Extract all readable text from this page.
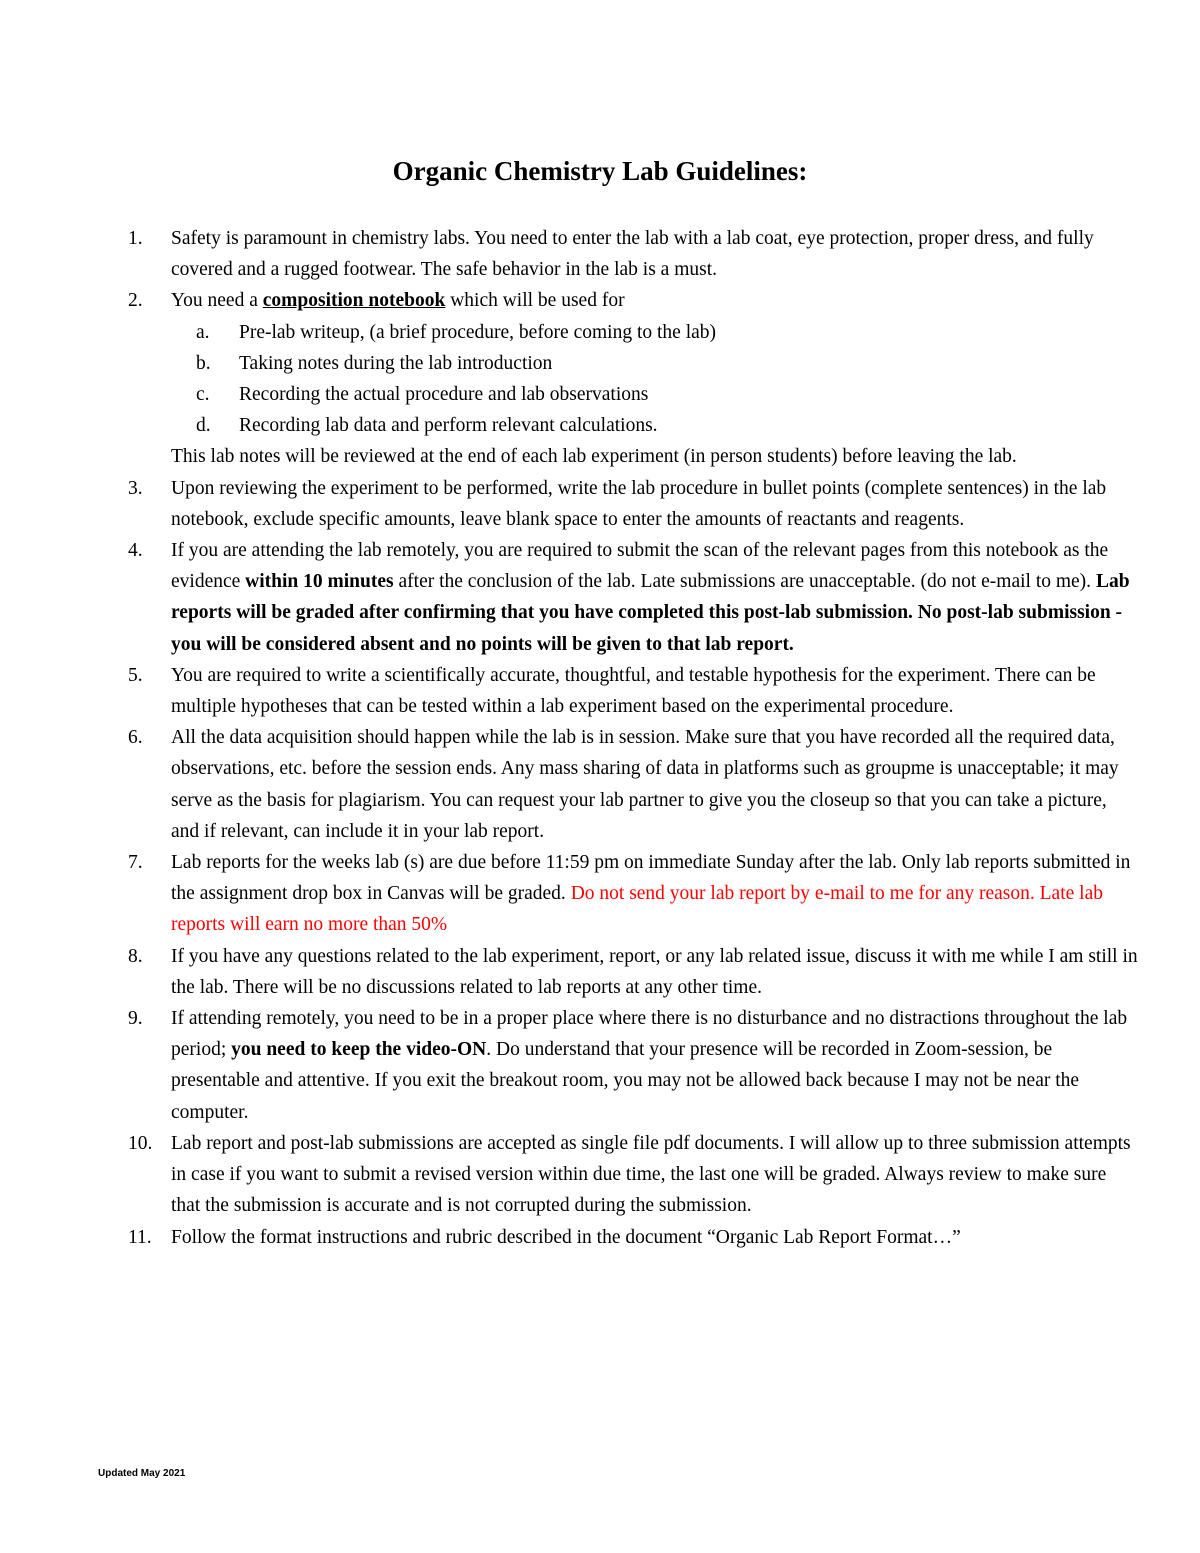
Organic Chemistry Lab Guidelines:
1.	Safety is paramount in chemistry labs. You need to enter the lab with a lab coat, eye protection, proper dress, and fully covered and a rugged footwear. The safe behavior in the lab is a must.
2.	You need a composition notebook which will be used for
a.	Pre-lab writeup, (a brief procedure, before coming to the lab)
b.	Taking notes during the lab introduction
c.	Recording the actual procedure and lab observations
d.	Recording lab data and perform relevant calculations.
This lab notes will be reviewed at the end of each lab experiment (in person students) before leaving the lab.
3.	Upon reviewing the experiment to be performed, write the lab procedure in bullet points (complete sentences) in the lab notebook, exclude specific amounts, leave blank space to enter the amounts of reactants and reagents.
4.	If you are attending the lab remotely, you are required to submit the scan of the relevant pages from this notebook as the evidence within 10 minutes after the conclusion of the lab. Late submissions are unacceptable. (do not e-mail to me). Lab reports will be graded after confirming that you have completed this post-lab submission. No post-lab submission - you will be considered absent and no points will be given to that lab report.
5.	You are required to write a scientifically accurate, thoughtful, and testable hypothesis for the experiment. There can be multiple hypotheses that can be tested within a lab experiment based on the experimental procedure.
6.	All the data acquisition should happen while the lab is in session. Make sure that you have recorded all the required data, observations, etc. before the session ends. Any mass sharing of data in platforms such as groupme is unacceptable; it may serve as the basis for plagiarism. You can request your lab partner to give you the closeup so that you can take a picture, and if relevant, can include it in your lab report.
7.	Lab reports for the weeks lab (s) are due before 11:59 pm on immediate Sunday after the lab. Only lab reports submitted in the assignment drop box in Canvas will be graded. Do not send your lab report by e-mail to me for any reason. Late lab reports will earn no more than 50%
8.	If you have any questions related to the lab experiment, report, or any lab related issue, discuss it with me while I am still in the lab. There will be no discussions related to lab reports at any other time.
9.	If attending remotely, you need to be in a proper place where there is no disturbance and no distractions throughout the lab period; you need to keep the video-ON. Do understand that your presence will be recorded in Zoom-session, be presentable and attentive. If you exit the breakout room, you may not be allowed back because I may not be near the computer.
10. Lab report and post-lab submissions are accepted as single file pdf documents. I will allow up to three submission attempts in case if you want to submit a revised version within due time, the last one will be graded. Always review to make sure that the submission is accurate and is not corrupted during the submission.
11. Follow the format instructions and rubric described in the document “Organic Lab Report Format…”
Updated May 2021
